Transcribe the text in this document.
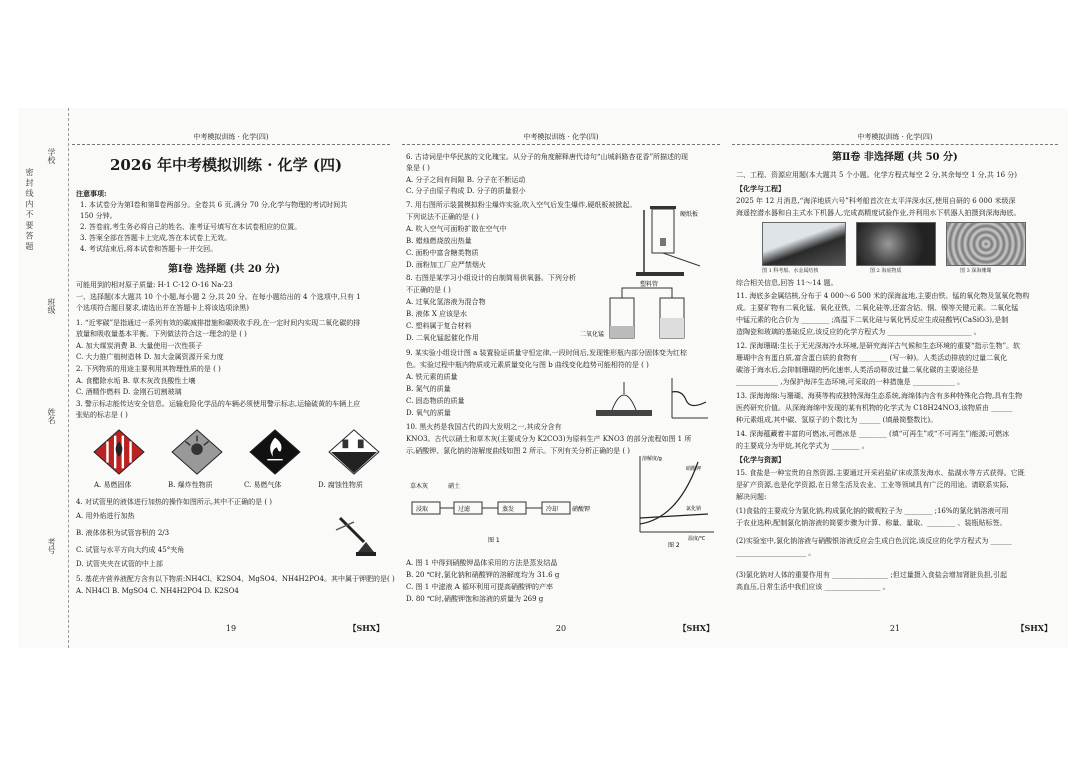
密 封 线 内 不 要 答 题
学校
班级
姓名
考号
中考模拟训练 · 化学(四)
2026 年中考模拟训练 · 化学 (四)
注意事项:
1. 本试卷分为第Ⅰ卷和第Ⅱ卷两部分。全卷共 6 页,满分 70 分,化学与物理的考试时间共
150 分钟。
2. 答卷前,考生务必将自己的姓名、准考证号填写在本试卷相应的位置。
3. 答案全部在答题卡上完成,答在本试卷上无效。
4. 考试结束后,将本试卷和答题卡一并交回。
第Ⅰ卷 选择题 (共 20 分)
可能用到的相对原子质量: H-1 C-12 O-16 Na-23
一、选择题(本大题共 10 个小题,每小题 2 分,共 20 分。在每小题给出的 4 个选项中,只有 1
个选项符合题目要求,请选出并在答题卡上将该选项涂黑)
1. “近零碳”是指通过一系列有效的碳减排措施和碳吸收手段,在一定时间内实现二氧化碳的排
放量和吸收量基本平衡。下列做法符合这一理念的是 ( )
A. 加大煤炭消费 B. 大量使用一次性筷子
C. 大力推广植树造林 D. 加大金属资源开采力度
2. 下列物质的用途主要利用其物理性质的是 ( )
A. 食醋除水垢 B. 草木灰改良酸性土壤
C. 酒精作燃料 D. 金刚石切割玻璃
3. 警示标志能传达安全信息。运输危险化学品的车辆必须使用警示标志,运输硫黄的车辆上应
张贴的标志是 ( )

A. 易燃固体	B. 爆炸性物质	C. 易燃气体	D. 腐蚀性物质
4. 对试管里的液体进行加热的操作如图所示,其中不正确的是 ( )
A. 用外焰进行加热
B. 液体体积为试管容积的 2/3
C. 试管与水平方向大约成 45°夹角
D. 试管夹夹在试管的中上部
5. 基花卉营养液配方含有以下物质:NH4Cl、K2SO4、MgSO4、NH4H2PO4。其中属于钾肥的是( )
A. NH4Cl B. MgSO4 C. NH4H2PO4 D. K2SO4
19	【SHX】
中考模拟训练 · 化学(四)
6. 古诗词是中华民族的文化瑰宝。从分子的角度解释唐代诗句“山城斜路杏花香”所描述的现
象是 ( )
A. 分子之间有间隙 B. 分子在不断运动
C. 分子由原子构成 D. 分子的质量很小
7. 用右图所示装置模拟粉尘爆炸实验,吹入空气后发生爆炸,硬纸板被掀起。
下列说法不正确的是 ( )
A. 吹入空气可面粉扩散在空气中
B. 蜡烛燃烧放出热量
C. 面粉中富含糖类物质
D. 面粉加工厂应严禁烟火
硬纸板
8. 右图是某学习小组设计的自制简易供氧器。下列分析
不正确的是 ( )
A. 过氧化氢溶液为混合物
B. 液体 X 应该是水
C. 塑料属于复合材料
D. 二氧化锰起催化作用
塑料管
二氧化锰
9. 某实验小组设计图 a 装置验证质量守恒定律,一段时间后,发现锥形瓶内部分固体变为红棕
色。实验过程中瓶内物质或元素质量变化与图 b 曲线变化趋势可能相符的是 ( )
A. 铁元素的质量
B. 氮气的质量
C. 固态物质的质量
D. 氧气的质量
10. 黑火药是我国古代的四大发明之一,其成分含有
KNO3。古代以硝土和草木灰(主要成分为 K2CO3)为原料生产 KNO3 的部分流程如图 1 所
示,硝酸钾、氯化钠的溶解度曲线如图 2 所示。下列有关分析正确的是 ( )
草木灰	硝土
浸取	过滤	蒸发	冷却 硝酸钾
图 1
溶解度/g
硝酸钾
氯化钠
温度/℃
图 2
A. 图 1 中得到硝酸钾晶体采用的方法是蒸发结晶
B. 20 ℃时,氯化钠和硝酸钾的溶解度均为 31.6 g
C. 图 1 中滤液 A 循环利用可提高硝酸钾的产率
D. 80 ℃时,硝酸钾饱和溶液的质量为 269 g
20	【SHX】
中考模拟训练 · 化学(四)
第Ⅱ卷 非选择题 (共 50 分)
二、工程、资源应用题(本大题共 5 个小题。化学方程式每空 2 分,其余每空 1 分,共 16 分)
【化学与工程】
2025 年 12 月消息,“海洋地质六号”科考船首次在太平洋深水区,使用自研的 6 000 米级深
海遥控潜水器和自主式水下机器人,完成高精度试验作业,并利用水下机器人拍摄到深海海底。
图 1 科考船、水金属结核	图 2 海底物质	图 3 深海珊瑚
综合相关信息,回答 11～14 题。
11. 海底多金属结核,分布于 4 000～6 500 米的深海盆地,主要由铁、锰的氧化物及氢氧化物构
成。主要矿物有二氧化锰、氧化亚铁、二氧化硅等,还富含钴、铜、镍等关键元素。二氧化锰
中锰元素的化合价为 ________ ;高温下二氧化硅与氧化钙反应生成硅酸钙(CaSiO3),是制
造陶瓷和玻璃的基础反应,该反应的化学方程式为 ________________________ 。
12. 深海珊瑚:生长于无光深海冷水环境,是研究海洋古气候和生态环境的重要“指示生物”。软
珊瑚中含有蛋白质,富含蛋白质的食物有 ________ (写一种)。人类活动排放的过量二氧化
碳溶于海水后,会抑制珊瑚的钙化速率,人类活动释放过量二氧化碳的主要途径是
____________ ,为保护海洋生态环境,可采取的一种措施是 ____________ 。
13. 深海海绵:与珊瑚、海葵等构成独特深海生态系统,海绵体内含有多种特殊化合物,具有生物
医药研究价值。从深海海绵中发现的某有机物的化学式为 C18H24NO3,该物质由 ______
种元素组成,其中碳、氢原子的个数比为 ______ (填最简整数比)。
14. 深海蕴藏着丰富的可燃冰,可燃冰是 ________ (填“可再生”或“不可再生”)能源;可燃冰
的主要成分为甲烷,其化学式为 ________ 。
【化学与资源】
15. 食盐是一种宝贵的自然资源,主要通过开采岩盐矿床或蒸发海水、盐湖水等方式获得。它既
是矿产资源,也是化学资源,在日常生活及农业、工业等领域具有广泛的用途。请联系实际,
解决问题:
(1)食盐的主要成分为氯化钠,构成氯化钠的微观粒子为 ________ ;16%的氯化钠溶液可用
于农业选种,配制氯化钠溶液的简要步骤为计算、称量、量取、________ 、装瓶贴标签。
(2)实验室中,氯化钠溶液与硝酸银溶液反应会生成白色沉淀,该反应的化学方程式为 ______
____________________ 。
(3)氯化钠对人体的重要作用有 ________________ ;但过量摄入食盐会增加肾脏负担,引起
高血压,日常生活中我们应该 ________________ 。
21	【SHX】
